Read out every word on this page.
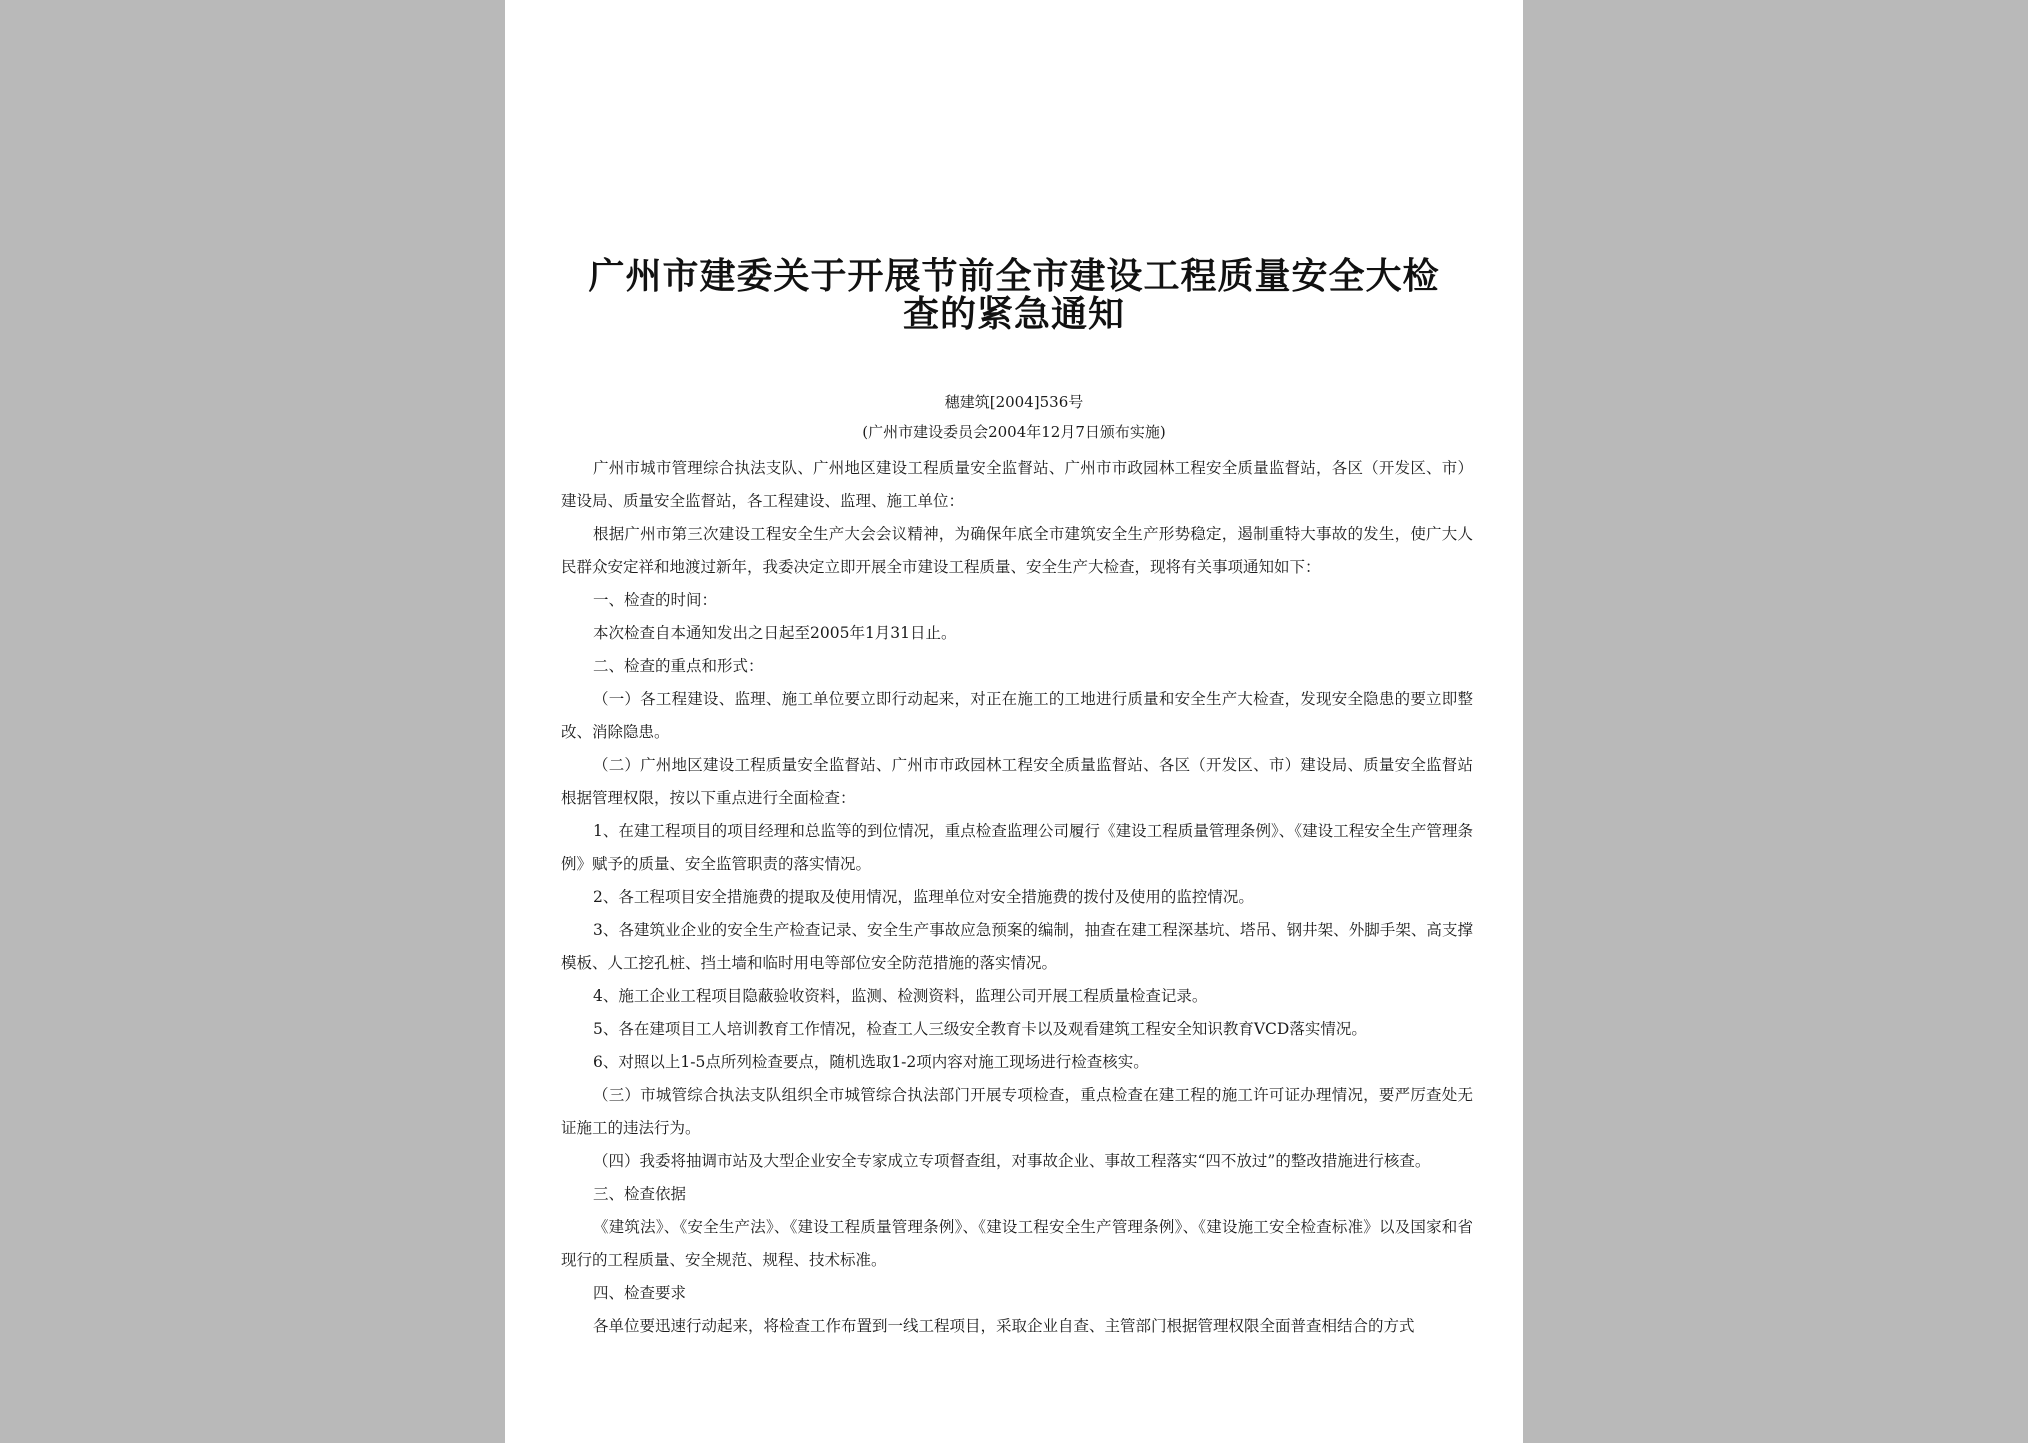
广州市建委关于开展节前全市建设工程质量安全大检查的紧急通知
穗建筑[2004]536号
(广州市建设委员会2004年12月7日颁布实施)

广州市城市管理综合执法支队、广州地区建设工程质量安全监督站、广州市市政园林工程安全质量监督站，各区（开发区、市）建设局、质量安全监督站，各工程建设、监理、施工单位：

根据广州市第三次建设工程安全生产大会会议精神，为确保年底全市建筑安全生产形势稳定，遏制重特大事故的发生，使广大人民群众安定祥和地渡过新年，我委决定立即开展全市建设工程质量、安全生产大检查，现将有关事项通知如下：

一、检查的时间：

本次检查自本通知发出之日起至2005年1月31日止。

二、检查的重点和形式：

（一）各工程建设、监理、施工单位要立即行动起来，对正在施工的工地进行质量和安全生产大检查，发现安全隐患的要立即整改、消除隐患。

（二）广州地区建设工程质量安全监督站、广州市市政园林工程安全质量监督站、各区（开发区、市）建设局、质量安全监督站根据管理权限，按以下重点进行全面检查：

1、在建工程项目的项目经理和总监等的到位情况，重点检查监理公司履行《建设工程质量管理条例》、《建设工程安全生产管理条例》赋予的质量、安全监管职责的落实情况。

2、各工程项目安全措施费的提取及使用情况，监理单位对安全措施费的拨付及使用的监控情况。

3、各建筑业企业的安全生产检查记录、安全生产事故应急预案的编制，抽查在建工程深基坑、塔吊、钢井架、外脚手架、高支撑模板、人工挖孔桩、挡土墙和临时用电等部位安全防范措施的落实情况。

4、施工企业工程项目隐蔽验收资料，监测、检测资料，监理公司开展工程质量检查记录。

5、各在建项目工人培训教育工作情况，检查工人三级安全教育卡以及观看建筑工程安全知识教育VCD落实情况。

6、对照以上1-5点所列检查要点，随机选取1-2项内容对施工现场进行检查核实。

（三）市城管综合执法支队组织全市城管综合执法部门开展专项检查，重点检查在建工程的施工许可证办理情况，要严厉查处无证施工的违法行为。

（四）我委将抽调市站及大型企业安全专家成立专项督查组，对事故企业、事故工程落实“四不放过”的整改措施进行核查。

三、检查依据

《建筑法》、《安全生产法》、《建设工程质量管理条例》、《建设工程安全生产管理条例》、《建设施工安全检查标准》以及国家和省现行的工程质量、安全规范、规程、技术标准。

四、检查要求

各单位要迅速行动起来，将检查工作布置到一线工程项目，采取企业自查、主管部门根据管理权限全面普查相结合的方式
